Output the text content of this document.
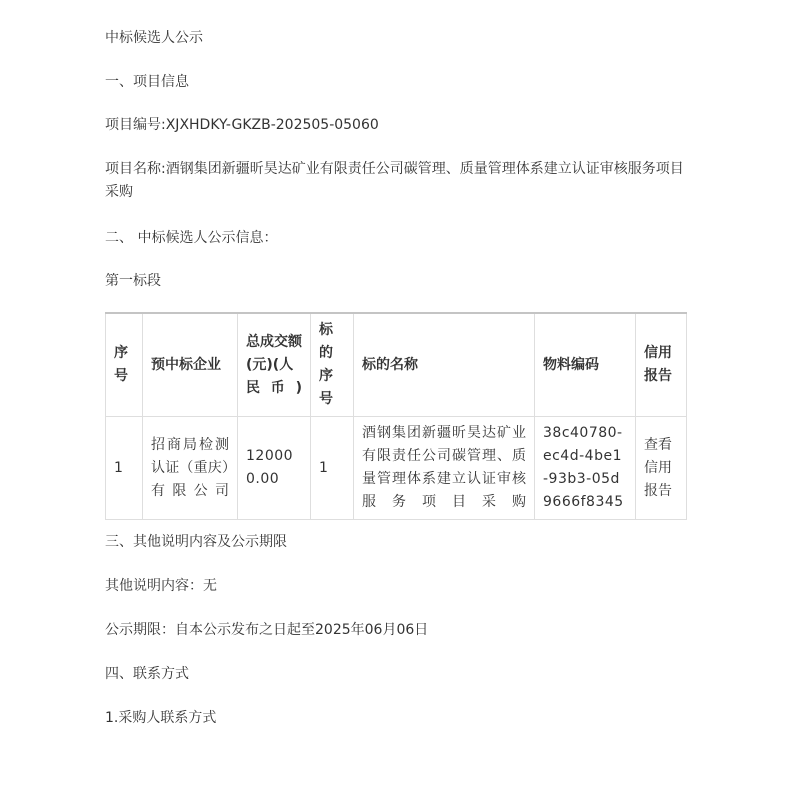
中标候选人公示
一、项目信息
项目编号:XJXHDKY-GKZB-202505-05060
项目名称:酒钢集团新疆昕昊达矿业有限责任公司碳管理、质量管理体系建立认证审核服务项目采购
二、 中标候选人公示信息：
第一标段
序号	预中标企业	总成交额(元)(人民币)	标的序号	标的名称	物料编码	信用报告
1	招商局检测认证（重庆）有限公司	120000.00	1	酒钢集团新疆昕昊达矿业有限责任公司碳管理、质量管理体系建立认证审核服务项目采购	38c40780-ec4d-4be1-93b3-05d9666f8345	查看信用报告
三、其他说明内容及公示期限
其他说明内容：无
公示期限：自本公示发布之日起至2025年06月06日
四、联系方式
1.采购人联系方式
